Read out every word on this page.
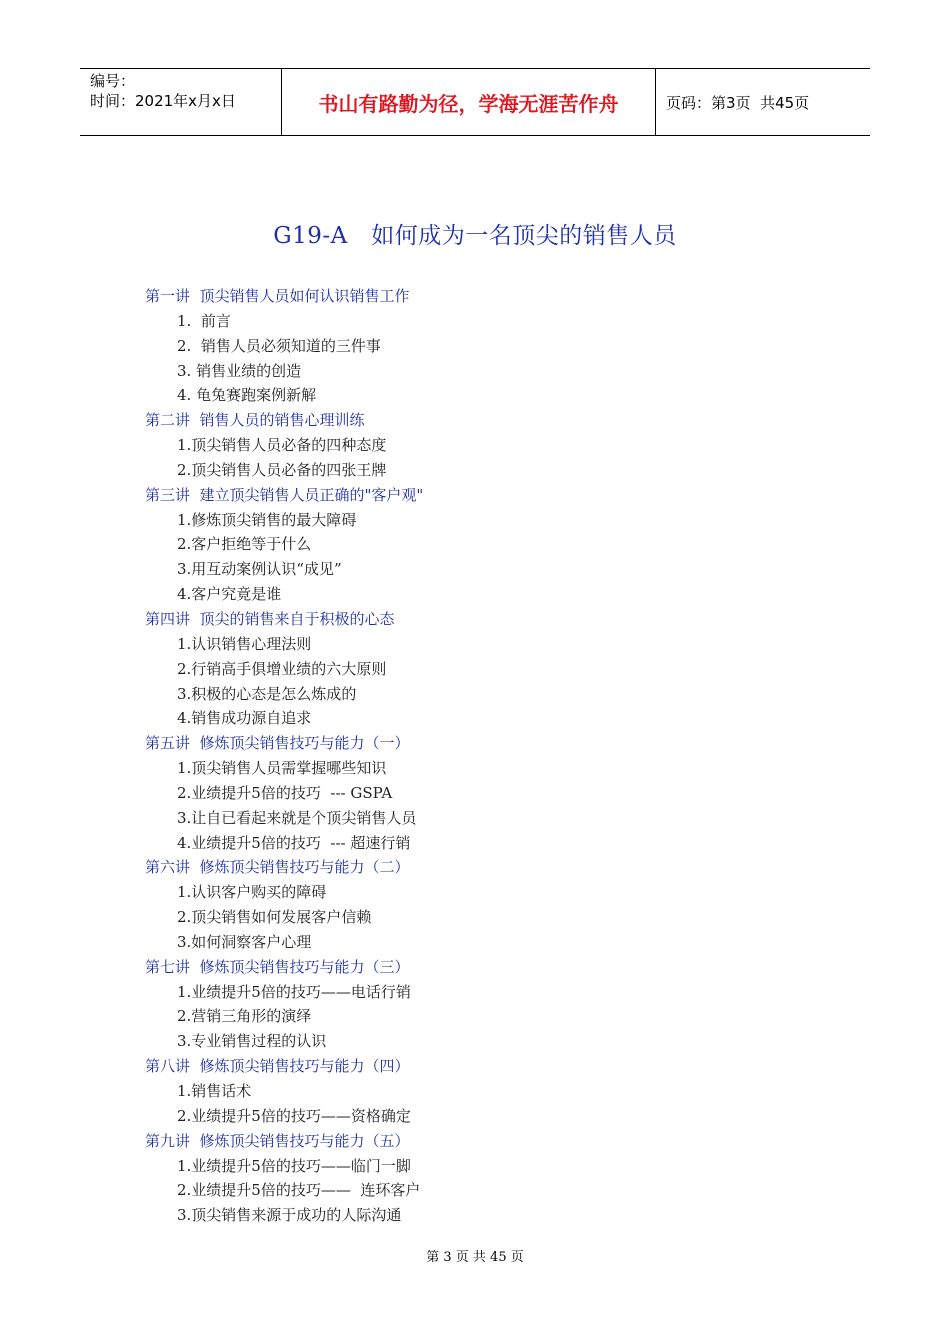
编号：
时间：2021年x月x日	书山有路勤为径，学海无涯苦作舟	页码：第3页  共45页
G19-A   如何成为一名顶尖的销售人员
第一讲  顶尖销售人员如何认识销售工作
1.  前言
2.  销售人员必须知道的三件事
3. 销售业绩的创造
4. 龟兔赛跑案例新解
第二讲  销售人员的销售心理训练
1.顶尖销售人员必备的四种态度
2.顶尖销售人员必备的四张王牌
第三讲  建立顶尖销售人员正确的"客户观"
1.修炼顶尖销售的最大障碍
2.客户拒绝等于什么
3.用互动案例认识“成见”
4.客户究竟是谁
第四讲  顶尖的销售来自于积极的心态
1.认识销售心理法则
2.行销高手俱增业绩的六大原则
3.积极的心态是怎么炼成的
4.销售成功源自追求
第五讲  修炼顶尖销售技巧与能力（一）
1.顶尖销售人员需掌握哪些知识
2.业绩提升5倍的技巧  --- GSPA
3.让自已看起来就是个顶尖销售人员
4.业绩提升5倍的技巧  --- 超速行销
第六讲  修炼顶尖销售技巧与能力（二）
1.认识客户购买的障碍
2.顶尖销售如何发展客户信赖
3.如何洞察客户心理
第七讲  修炼顶尖销售技巧与能力（三）
1.业绩提升5倍的技巧——电话行销
2.营销三角形的演绎
3.专业销售过程的认识
第八讲  修炼顶尖销售技巧与能力（四）
1.销售话术
2.业绩提升5倍的技巧——资格确定
第九讲  修炼顶尖销售技巧与能力（五）
1.业绩提升5倍的技巧——临门一脚
2.业绩提升5倍的技巧——  连环客户
3.顶尖销售来源于成功的人际沟通
第 3 页 共 45 页
